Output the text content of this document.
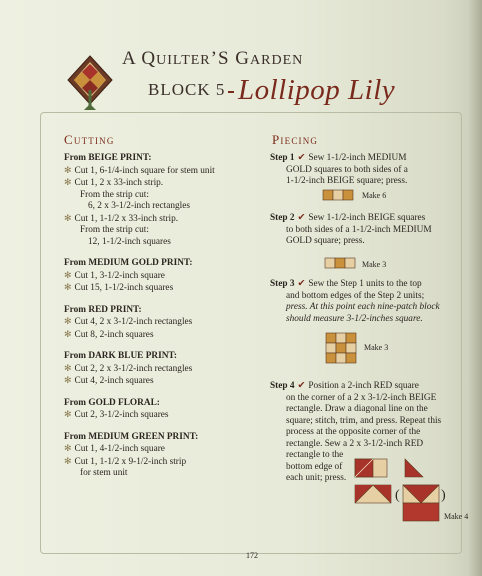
A QUILTER’S GARDEN
BLOCK 5 Lollipop Lily
Cutting
From BEIGE PRINT:
✻ Cut 1, 6-1/4-inch square for stem unit
✻ Cut 1, 2 x 33-inch strip.
From the strip cut:
6, 2 x 3-1/2-inch rectangles
✻ Cut 1, 1-1/2 x 33-inch strip.
From the strip cut:
12, 1-1/2-inch squares
From MEDIUM GOLD PRINT:
✻ Cut 1, 3-1/2-inch square
✻ Cut 15, 1-1/2-inch squares
From RED PRINT:
✻ Cut 4, 2 x 3-1/2-inch rectangles
✻ Cut 8, 2-inch squares
From DARK BLUE PRINT:
✻ Cut 2, 2 x 3-1/2-inch rectangles
✻ Cut 4, 2-inch squares
From GOLD FLORAL:
✻ Cut 2, 3-1/2-inch squares
From MEDIUM GREEN PRINT:
✻ Cut 1, 4-1/2-inch square
✻ Cut 1, 1-1/2 x 9-1/2-inch strip
for stem unit
Piecing
Step 1 ✔ Sew 1-1/2-inch MEDIUM
GOLD squares to both sides of a
1-1/2-inch BEIGE square; press.
Make 6
Step 2 ✔ Sew 1-1/2-inch BEIGE squares
to both sides of a 1-1/2-inch MEDIUM
GOLD square; press.
Make 3
Step 3 ✔ Sew the Step 1 units to the top
and bottom edges of the Step 2 units;
press. At this point each nine-patch block
should measure 3-1/2-inches square.
Make 3
Step 4 ✔ Position a 2-inch RED square
on the corner of a 2 x 3-1/2-inch BEIGE
rectangle. Draw a diagonal line on the
square; stitch, trim, and press. Repeat this
process at the opposite corner of the
rectangle. Sew a 2 x 3-1/2-inch RED
rectangle to the
bottom edge of
each unit; press.
(	)
Make 4
172
